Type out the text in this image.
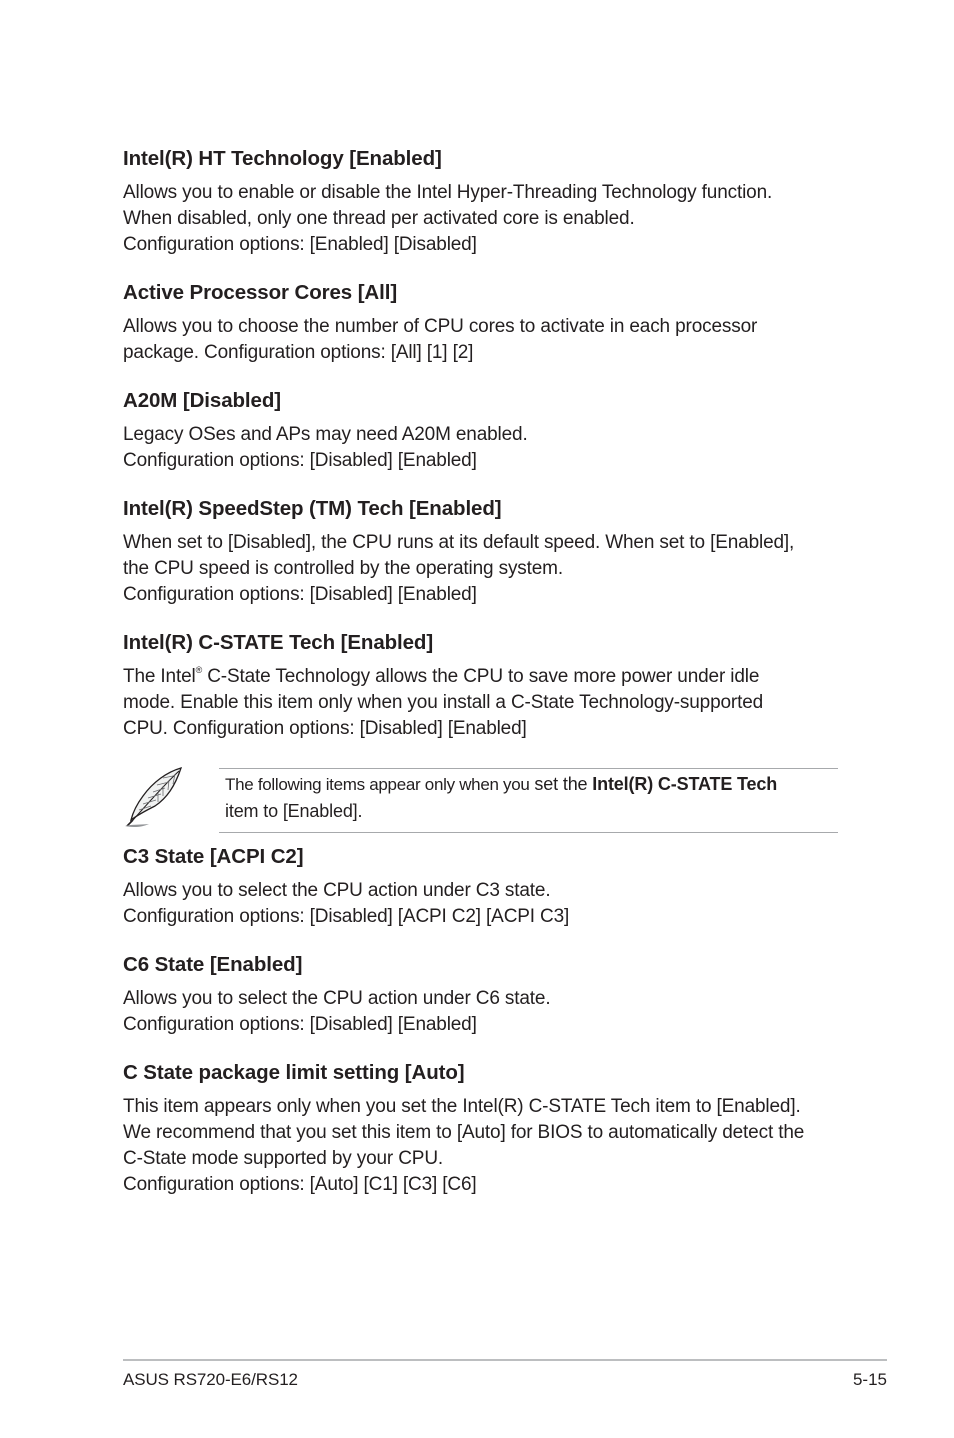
Intel(R) HT Technology [Enabled]
Allows you to enable or disable the Intel Hyper-Threading Technology function.
When disabled, only one thread per activated core is enabled.
Configuration options: [Enabled] [Disabled]
Active Processor Cores [All]
Allows you to choose the number of CPU cores to activate in each processor
package. Configuration options: [All] [1] [2]
A20M [Disabled]
Legacy OSes and APs may need A20M enabled.
Configuration options: [Disabled] [Enabled]
Intel(R) SpeedStep (TM) Tech [Enabled]
When set to [Disabled], the CPU runs at its default speed. When set to [Enabled],
the CPU speed is controlled by the operating system.
Configuration options: [Disabled] [Enabled]
Intel(R) C-STATE Tech [Enabled]
The Intel® C-State Technology allows the CPU to save more power under idle
mode. Enable this item only when you install a C-State Technology-supported
CPU. Configuration options: [Disabled] [Enabled]
C3 State [ACPI C2]
Allows you to select the CPU action under C3 state.
Configuration options: [Disabled] [ACPI C2] [ACPI C3]
C6 State [Enabled]
Allows you to select the CPU action under C6 state.
Configuration options: [Disabled] [Enabled]
C State package limit setting [Auto]
This item appears only when you set the Intel(R) C-STATE Tech item to [Enabled].
We recommend that you set this item to [Auto] for BIOS to automatically detect the
C-State mode supported by your CPU.
Configuration options: [Auto] [C1] [C3] [C6]
The following items appear only when you set the Intel(R) C-STATE Tech
item to [Enabled].
ASUS RS720-E6/RS12	5-15
